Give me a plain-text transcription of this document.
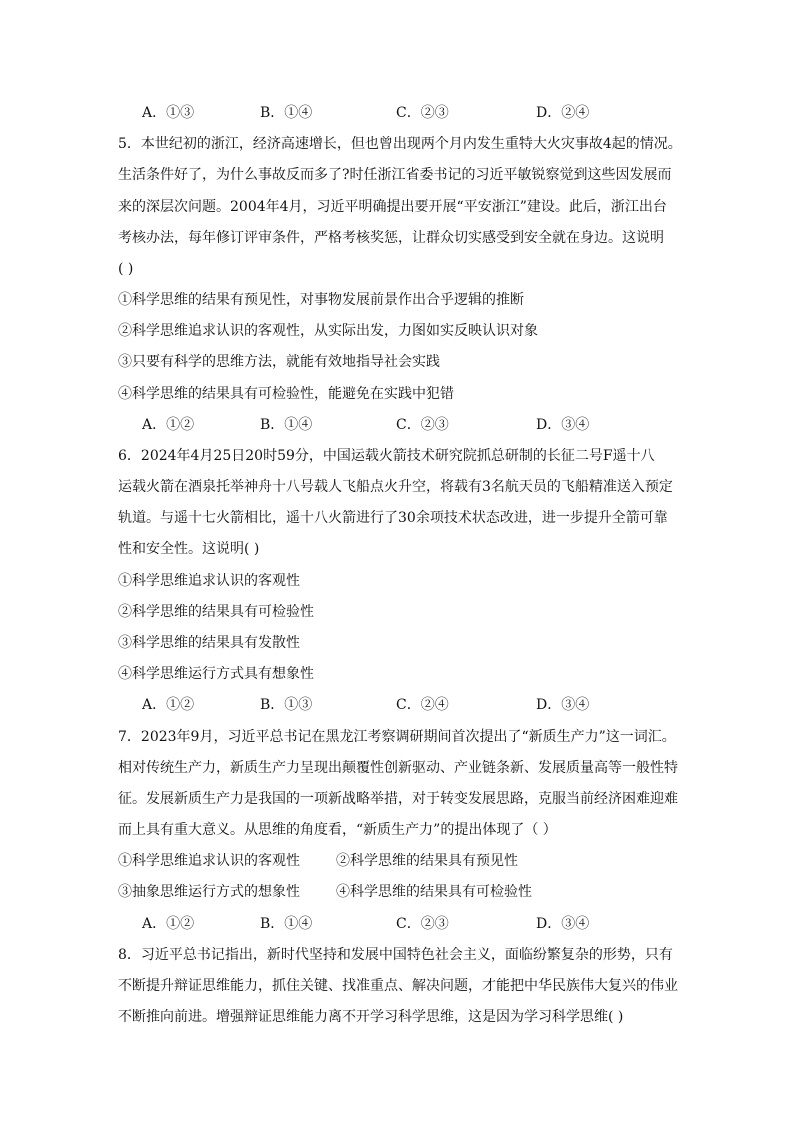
A．①③	B．①④	C．②③	D．②④
5．本世纪初的浙江，经济高速增长，但也曾出现两个月内发生重特大火灾事故4起的情况。
生活条件好了，为什么事故反而多了?时任浙江省委书记的习近平敏锐察觉到这些因发展而
来的深层次问题。2004年4月，习近平明确提出要开展“平安浙江”建设。此后，浙江出台
考核办法，每年修订评审条件，严格考核奖惩，让群众切实感受到安全就在身边。这说明
( )
①科学思维的结果有预见性，对事物发展前景作出合乎逻辑的推断
②科学思维追求认识的客观性，从实际出发，力图如实反映认识对象
③只要有科学的思维方法，就能有效地指导社会实践
④科学思维的结果具有可检验性，能避免在实践中犯错
A．①②	B．①④	C．②③	D．③④
6．2024年4月25日20时59分，中国运载火箭技术研究院抓总研制的长征二号F遥十八
运载火箭在酒泉托举神舟十八号载人飞船点火升空，将载有3名航天员的飞船精准送入预定
轨道。与遥十七火箭相比，遥十八火箭进行了30余项技术状态改进，进一步提升全箭可靠
性和安全性。这说明( )
①科学思维追求认识的客观性
②科学思维的结果具有可检验性
③科学思维的结果具有发散性
④科学思维运行方式具有想象性
A．①②	B．①③	C．②④	D．③④
7．2023年9月，习近平总书记在黑龙江考察调研期间首次提出了“新质生产力”这一词汇。
相对传统生产力，新质生产力呈现出颠覆性创新驱动、产业链条新、发展质量高等一般性特
征。发展新质生产力是我国的一项新战略举措，对于转变发展思路，克服当前经济困难迎难
而上具有重大意义。从思维的角度看，“新质生产力”的提出体现了（ ）
①科学思维追求认识的客观性	②科学思维的结果具有预见性
③抽象思维运行方式的想象性	④科学思维的结果具有可检验性
A．①②	B．①④	C．②③	D．③④
8．习近平总书记指出，新时代坚持和发展中国特色社会主义，面临纷繁复杂的形势，只有
不断提升辩证思维能力，抓住关键、找准重点、解决问题，才能把中华民族伟大复兴的伟业
不断推向前进。增强辩证思维能力离不开学习科学思维，这是因为学习科学思维( )
